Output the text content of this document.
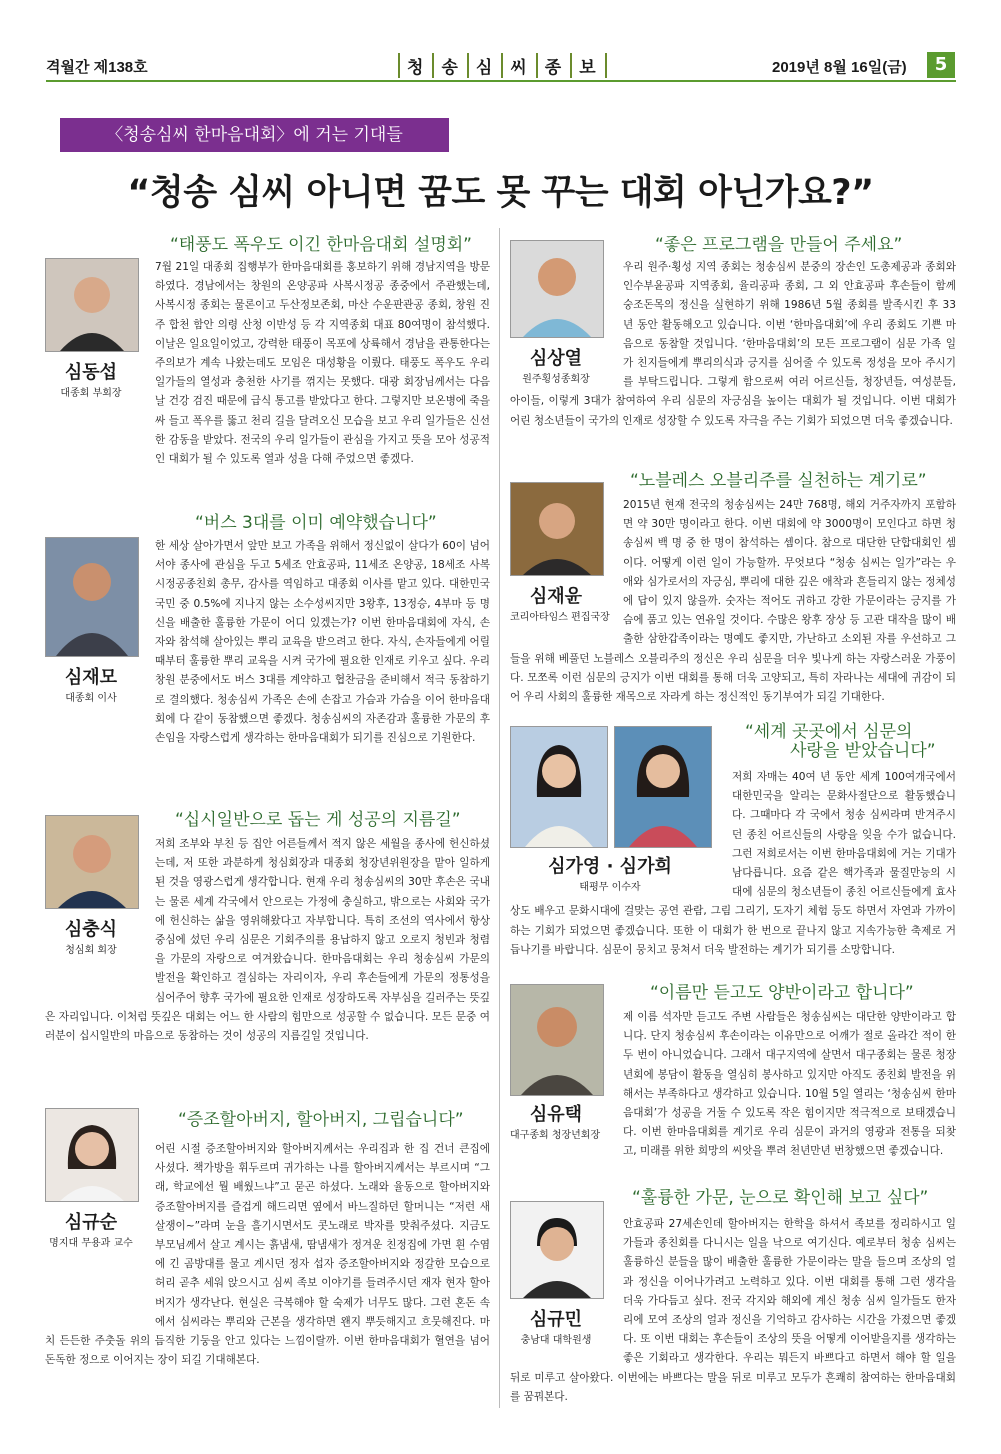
격월간 제138호	청 송 심 씨 종 보	2019년 8월 16일(금)	5
〈청송심씨 한마음대회〉에 거는 기대들
“청송 심씨 아니면 꿈도 못 꾸는 대회 아닌가요?”
“태풍도 폭우도 이긴 한마음대회 설명회”
심동섭
대종회 부회장

7월 21일 대종회 집행부가 한마음대회를 홍보하기 위해 경남지역을 방문하였다. 경남에서는 창원의 온양공파 사복시정공 종중에서 주관했는데, 사복시정 종회는 물론이고 두산정보존회, 마산 수운판관공 종회, 창원 진주 합천 함안 의령 산청 이반성 등 각 지역종회 대표 80여명이 참석했다. 이날은 일요일이었고, 강력한 태풍이 목포에 상륙해서 경남을 관통한다는 주의보가 계속 나왔는데도 모임은 대성황을 이뤘다. 태풍도 폭우도 우리 일가들의 열성과 충천한 사기를 꺾지는 못했다. 대광 회장님께서는 다음날 건강 검진 때문에 급식 통고를 받았다고 한다. 그렇지만 보온병에 죽을 싸 들고 폭우를 뚫고 천리 길을 달려오신 모습을 보고 우리 일가들은 신선한 감동을 받았다. 전국의 우리 일가들이 관심을 가지고 뜻을 모아 성공적인 대회가 될 수 있도록 열과 성을 다해 주었으면 좋겠다.

“버스 3대를 이미 예약했습니다”
심재모
대종회 이사

한 세상 살아가면서 앞만 보고 가족을 위해서 정신없이 살다가 60이 넘어서야 종사에 관심을 두고 5세조 안효공파, 11세조 온양공, 18세조 사복시정공종친회 총무, 감사를 역임하고 대종회 이사를 맡고 있다. 대한민국 국민 중 0.5%에 지나지 않는 소수성씨지만 3왕후, 13정승, 4부마 등 명신을 배출한 훌륭한 가문이 어디 있겠는가? 이번 한마음대회에 자식, 손자와 참석해 살아있는 뿌리 교육을 받으려고 한다. 자식, 손자들에게 어릴 때부터 훌륭한 뿌리 교육을 시켜 국가에 필요한 인재로 키우고 싶다. 우리 창원 분중에서도 버스 3대를 계약하고 협찬금을 준비해서 적극 동참하기로 결의했다. 청송심씨 가족은 손에 손잡고 가슴과 가슴을 이어 한마음대회에 다 같이 동참했으면 좋겠다. 청송심씨의 자존감과 훌륭한 가문의 후손임을 자랑스럽게 생각하는 한마음대회가 되기를 진심으로 기원한다.

“십시일반으로 돕는 게 성공의 지름길”
심충식
청심회 회장

저희 조부와 부친 등 집안 어른들께서 적지 않은 세월을 종사에 헌신하셨는데, 저 또한 과분하게 청심회장과 대종회 청장년위원장을 맡아 일하게 된 것을 영광스럽게 생각합니다. 현재 우리 청송심씨의 30만 후손은 국내는 물론 세계 각국에서 안으로는 가정에 충실하고, 밖으로는 사회와 국가에 헌신하는 삶을 영위해왔다고 자부합니다. 특히 조선의 역사에서 항상 중심에 섰던 우리 심문은 기회주의를 용납하지 않고 오로지 청빈과 청렴을 가문의 자랑으로 여겨왔습니다. 한마음대회는 우리 청송심씨 가문의 발전을 확인하고 결심하는 자리이자, 우리 후손들에게 가문의 정통성을 심어주어 향후 국가에 필요한 인재로 성장하도록 자부심을 길러주는 뜻깊은 자리입니다. 이처럼 뜻깊은 대회는 어느 한 사람의 힘만으로 성공할 수 없습니다. 모든 문중 여러분이 십시일반의 마음으로 동참하는 것이 성공의 지름길일 것입니다.

“증조할아버지, 할아버지, 그립습니다”
심규순
명지대 무용과 교수

어린 시절 증조할아버지와 할아버지께서는 우리집과 한 집 건너 큰집에 사셨다. 책가방을 휘두르며 귀가하는 나를 할아버지께서는 부르시며 “그래, 학교에선 뭘 배웠느냐”고 묻곤 하셨다. 노래와 율동으로 할아버지와 증조할아버지를 즐겁게 해드리면 옆에서 바느질하던 할머니는 “저런 새살쟁이~”라며 눈을 흘기시면서도 콧노래로 박자를 맞춰주셨다. 지금도 부모님께서 살고 계시는 흙냄새, 땀냄새가 정겨운 친정집에 가면 흰 수염에 긴 곰방대를 물고 계시던 정자 섭자 증조할아버지와 정갈한 모습으로 허리 곧추 세워 앉으시고 심씨 족보 이야기를 들려주시던 재자 현자 할아버지가 생각난다. 현실은 극복해야 할 숙제가 너무도 많다. 그런 혼돈 속에서 심씨라는 뿌리와 근본을 생각하면 왠지 뿌듯해지고 흐뭇해진다. 마치 든든한 주춧돌 위의 듬직한 기둥을 안고 있다는 느낌이랄까. 이번 한마음대회가 혈연을 넘어 돈독한 정으로 이어지는 장이 되길 기대해본다.

“좋은 프로그램을 만들어 주세요”
심상열
원주횡성종회장

우리 원주·횡성 지역 종회는 청송심씨 분중의 장손인 도총제공과 종회와 인수부윤공파 지역종회, 율리공파 종회, 그 외 안효공파 후손들이 함께 숭조돈목의 정신을 실현하기 위해 1986년 5월 종회를 발족시킨 후 33년 동안 활동해오고 있습니다. 이번 ‘한마음대회’에 우리 종회도 기쁜 마음으로 동참할 것입니다. ‘한마음대회’의 모든 프로그램이 심문 가족 일가 친지들에게 뿌리의식과 긍지를 심어줄 수 있도록 정성을 모아 주시기를 부탁드립니다. 그렇게 함으로써 여러 어르신들, 청장년들, 여성분들, 아이들, 이렇게 3대가 참여하여 우리 심문의 자긍심을 높이는 대회가 될 것입니다. 이번 대회가 어린 청소년들이 국가의 인재로 성장할 수 있도록 자극을 주는 기회가 되었으면 더욱 좋겠습니다.

“노블레스 오블리주를 실천하는 계기로”
심재윤
코리아타임스 편집국장

2015년 현재 전국의 청송심씨는 24만 768명, 해외 거주자까지 포함하면 약 30만 명이라고 한다. 이번 대회에 약 3000명이 모인다고 하면 청송심씨 백 명 중 한 명이 참석하는 셈이다. 참으로 대단한 단합대회인 셈이다. 어떻게 이런 일이 가능할까. 무엇보다 “청송 심씨는 일가”라는 우애와 심가로서의 자긍심, 뿌리에 대한 깊은 애착과 흔들리지 않는 정체성에 답이 있지 않을까. 숫자는 적어도 귀하고 강한 가문이라는 긍지를 가슴에 품고 있는 연유일 것이다. 수많은 왕후 장상 등 고관 대작을 많이 배출한 삼한갑족이라는 명예도 좋지만, 가난하고 소외된 자를 우선하고 그들을 위해 베풀던 노블레스 오블리주의 정신은 우리 심문을 더우 빛나게 하는 자랑스러운 가풍이다. 모쪼록 이런 심문의 긍지가 이번 대회를 통해 더욱 고양되고, 특히 자라나는 세대에 귀감이 되어 우리 사회의 훌륭한 재목으로 자라게 하는 정신적인 동기부여가 되길 기대한다.

“세계 곳곳에서 심문의
사랑을 받았습니다”
심가영 · 심가희
태평무 이수자

저희 자매는 40여 년 동안 세계 100여개국에서 대한민국을 알리는 문화사절단으로 활동했습니다. 그때마다 각 국에서 청송 심씨라며 반겨주시던 종친 어르신들의 사랑을 잊을 수가 없습니다. 그런 저희로서는 이번 한마음대회에 거는 기대가 남다릅니다. 요즘 같은 핵가족과 물질만능의 시대에 심문의 청소년들이 종친 어르신들에게 효사상도 배우고 문화시대에 걸맞는 공연 관람, 그림 그리기, 도자기 체험 등도 하면서 자연과 가까이 하는 기회가 되었으면 좋겠습니다. 또한 이 대회가 한 번으로 끝나지 않고 지속가능한 축제로 거듭나기를 바랍니다. 심문이 뭉치고 뭉쳐서 더욱 발전하는 계기가 되기를 소망합니다.

“이름만 듣고도 양반이라고 합니다”
심유택
대구종회 청장년회장

제 이름 석자만 듣고도 주변 사람들은 청송심씨는 대단한 양반이라고 합니다. 단지 청송심씨 후손이라는 이유만으로 어깨가 절로 올라간 적이 한두 번이 아니었습니다. 그래서 대구지역에 살면서 대구종회는 물론 청장년회에 봉담이 활동을 열심히 봉사하고 있지만 아직도 종친회 발전을 위해서는 부족하다고 생각하고 있습니다. 10월 5일 열리는 ‘청송심씨 한마음대회’가 성공을 거둘 수 있도록 작은 힘이지만 적극적으로 보태겠습니다. 이번 한마음대회를 계기로 우리 심문이 과거의 영광과 전통을 되찾고, 미래를 위한 희망의 씨앗을 뿌려 천년만년 번창했으면 좋겠습니다.

“훌륭한 가문, 눈으로 확인해 보고 싶다”
심규민
충남대 대학원생

안효공파 27세손인데 할아버지는 한학을 하셔서 족보를 정리하시고 일가들과 종친회를 다니시는 일을 낙으로 여기신다. 예로부터 청송 심씨는 훌륭하신 분들을 많이 배출한 훌륭한 가문이라는 말을 들으며 조상의 얼과 정신을 이어나가려고 노력하고 있다. 이번 대회를 통해 그런 생각을 더욱 가다듬고 싶다. 전국 각지와 해외에 계신 청송 심씨 일가들도 한자리에 모여 조상의 얼과 정신을 기억하고 감사하는 시간을 가졌으면 좋겠다. 또 이번 대회는 후손들이 조상의 뜻을 어떻게 이어받을지를 생각하는 좋은 기회라고 생각한다. 우리는 뭐든지 바쁘다고 하면서 해야 할 일을 뒤로 미루고 살아왔다. 이번에는 바쁘다는 말을 뒤로 미루고 모두가 흔쾌히 참여하는 한마음대회를 꿈꿔본다.
